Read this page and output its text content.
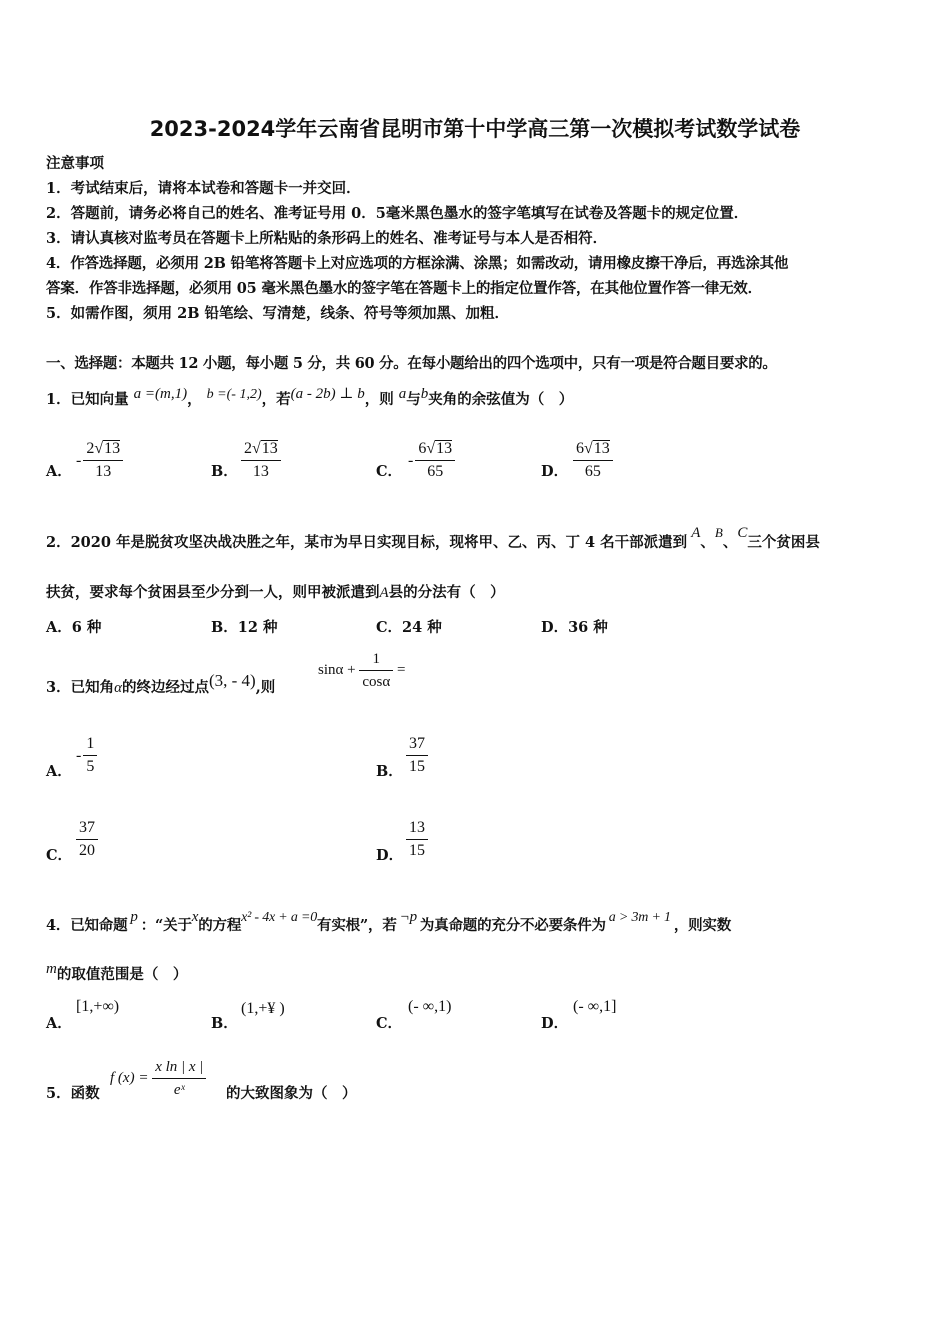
2023-2024学年云南省昆明市第十中学高三第一次模拟考试数学试卷
注意事项
1．考试结束后，请将本试卷和答题卡一并交回．
2．答题前，请务必将自己的姓名、准考证号用 0．5毫米黑色墨水的签字笔填写在试卷及答题卡的规定位置．
3．请认真核对监考员在答题卡上所粘贴的条形码上的姓名、准考证号与本人是否相符．
4．作答选择题，必须用 2B 铅笔将答题卡上对应选项的方框涂满、涂黑；如需改动，请用橡皮擦干净后，再选涂其他
答案．作答非选择题，必须用 05 毫米黑色墨水的签字笔在答题卡上的指定位置作答，在其他位置作答一律无效．
5．如需作图，须用 2B 铅笔绘、写清楚，线条、符号等须加黑、加粗．
一、选择题：本题共 12 小题，每小题 5 分，共 60 分。在每小题给出的四个选项中，只有一项是符合题目要求的。
1．已知向量 a =(m,1)， b =(- 1,2)，若(a - 2b) ⊥ b，则 a与b夹角的余弦值为（　）
A．
- $\frac{2√13}{13}$	B． $\frac{2√13}{13}$	C．
- $\frac{6√13}{65}$	D． $\frac{6√13}{65}$
2．2020 年是脱贫攻坚决战决胜之年，某市为早日实现目标，现将甲、乙、丙、丁 4 名干部派遣到A、B、C三个贫困县
扶贫，要求每个贫困县至少分到一人，则甲被派遣到A县的分法有（　）
A．6 种	B．12 种	C．24 种	D．36 种
3．已知角α的终边经过点(3, - 4),则
$\sin\alpha + \frac{1}{\cos\alpha}$ =
A．
- $\frac{1}{5}$	B． $\frac{37}{15}$
C． $\frac{37}{20}$	D． $\frac{13}{15}$
4．已知命题 p ：“关于x的方程x² - 4x + a =0有实根”，若 ¬p 为真命题的充分不必要条件为 a > 3m + 1 ，则实数
m的取值范围是（　）
A．
[1,+∞)
B．
(1,+¥ )
C．
(- ∞,1)
D．
(- ∞,1]
5．函数
f $(x) = \frac{\text{x ln | x |}}{\text{eˣ}}$ 的大致图象为（　）
